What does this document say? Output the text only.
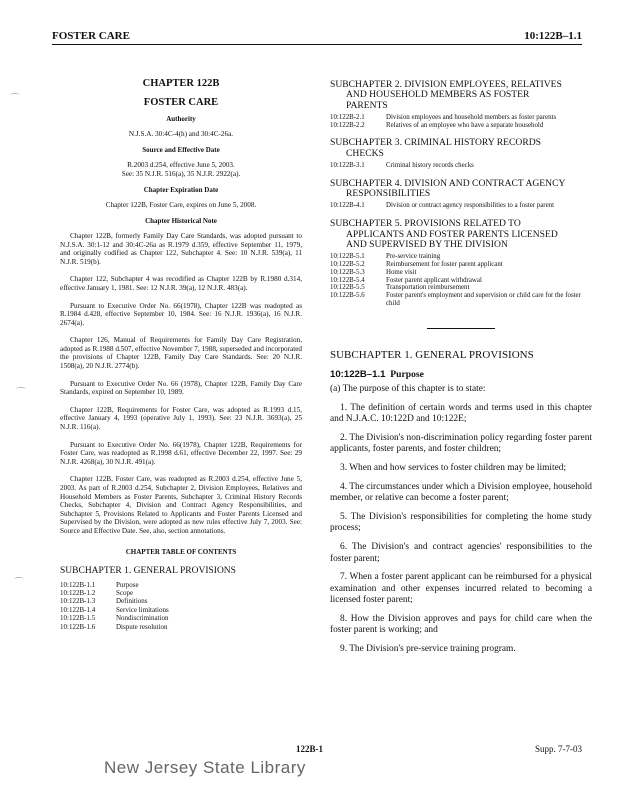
FOSTER CARE	10:122B–1.1
⌒
⌒
⌒
CHAPTER 122B
FOSTER CARE
Authority
N.J.S.A. 30:4C-4(h) and 30:4C-26a.
Source and Effective Date
R.2003 d.254, effective June 5, 2003.
See: 35 N.J.R. 516(a), 35 N.J.R. 2922(a).
Chapter Expiration Date
Chapter 122B, Foster Care, expires on June 5, 2008.
Chapter Historical Note

Chapter 122B, formerly Family Day Care Standards, was adopted pursuant to N.J.S.A. 30:1-12 and 30:4C-26a as R.1979 d.359, effective September 11, 1979, and originally codified as Chapter 122, Subchapter 4. See: 10 N.J.R. 539(a), 11 N.J.R. 519(b).

Chapter 122, Subchapter 4 was recodified as Chapter 122B by R.1980 d.314, effective January 1, 1981. See: 12 N.J.R. 39(a), 12 N.J.R. 483(a).

Pursuant to Executive Order No. 66(1978), Chapter 122B was readopted as R.1984 d.428, effective September 10, 1984. See: 16 N.J.R. 1936(a), 16 N.J.R. 2674(a).

Chapter 126, Manual of Requirements for Family Day Care Registration, adopted as R.1988 d.507, effective November 7, 1988, superseded and incorporated the provisions of Chapter 122B, Family Day Care Standards. See: 20 N.J.R. 1508(a), 20 N.J.R. 2774(b).

Pursuant to Executive Order No. 66 (1978), Chapter 122B, Family Day Care Standards, expired on September 10, 1989.

Chapter 122B, Requirements for Foster Care, was adopted as R.1993 d.15, effective January 4, 1993 (operative July 1, 1993). See: 23 N.J.R. 3693(a), 25 N.J.R. 116(a).

Pursuant to Executive Order No. 66(1978), Chapter 122B, Requirements for Foster Care, was readopted as R.1998 d.61, effective December 22, 1997. See: 29 N.J.R. 4268(a), 30 N.J.R. 491(a).

Chapter 122B, Foster Care, was readopted as R.2003 d.254, effective June 5, 2003. As part of R.2003 d.254, Subchapter 2, Division Employees, Relatives and Household Members as Foster Parents, Subchapter 3, Criminal History Records Checks, Subchapter 4, Division and Contract Agency Responsibilities, and Subchapter 5, Provisions Related to Applicants and Foster Parents Licensed and Supervised by the Division, were adopted as new rules effective July 7, 2003. See: Source and Effective Date. See, also, section annotations.

CHAPTER TABLE OF CONTENTS
SUBCHAPTER 1. GENERAL PROVISIONS
10:122B-1.1	Purpose
10:122B-1.2	Scope
10:122B-1.3	Definitions
10:122B-1.4	Service limitations
10:122B-1.5	Nondiscrimination
10:122B-1.6	Dispute resolution
SUBCHAPTER 2. DIVISION EMPLOYEES, RELATIVES
AND HOUSEHOLD MEMBERS AS FOSTER
PARENTS
10:122B-2.1	Division employees and household members as foster parents
10:122B-2.2	Relatives of an employee who have a separate household
SUBCHAPTER 3. CRIMINAL HISTORY RECORDS
CHECKS
10:122B-3.1	Criminal history records checks
SUBCHAPTER 4. DIVISION AND CONTRACT AGENCY
RESPONSIBILITIES
10:122B-4.1	Division or contract agency responsibilities to a foster parent
SUBCHAPTER 5. PROVISIONS RELATED TO
APPLICANTS AND FOSTER PARENTS LICENSED
AND SUPERVISED BY THE DIVISION
10:122B-5.1	Pre-service training
10:122B-5.2	Reimbursement for foster parent applicant
10:122B-5.3	Home visit
10:122B-5.4	Foster parent applicant withdrawal
10:122B-5.5	Transportation reimbursement
10:122B-5.6	Foster parent's employment and supervision or child care for the foster child
SUBCHAPTER 1. GENERAL PROVISIONS
10:122B–1.1 Purpose

(a) The purpose of this chapter is to state:

1. The definition of certain words and terms used in this chapter and N.J.A.C. 10:122D and 10:122E;

2. The Division's non-discrimination policy regarding foster parent applicants, foster parents, and foster children;

3. When and how services to foster children may be limited;

4. The circumstances under which a Division employee, household member, or relative can become a foster parent;

5. The Division's responsibilities for completing the home study process;

6. The Division's and contract agencies' responsibilities to the foster parent;

7. When a foster parent applicant can be reimbursed for a physical examination and other expenses incurred related to becoming a licensed foster parent;

8. How the Division approves and pays for child care when the foster parent is working; and

9. The Division's pre-service training program.

122B-1	Supp. 7-7-03
New Jersey State Library
